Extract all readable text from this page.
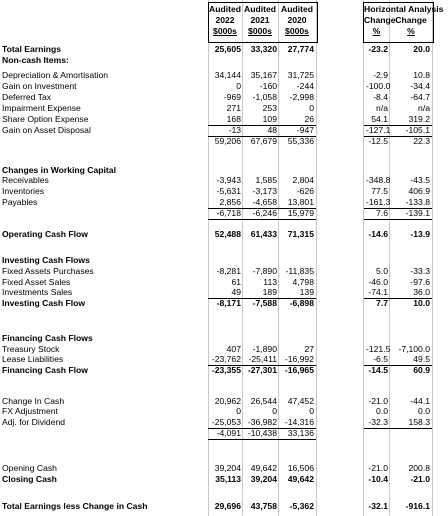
Audited Audited Audited
2022	2021	2020
$000s	$000s	$000s
Horizontal Analysis
Change Change
%	%
Total Earnings	25,605	33,320	27,774	-23.2	20.0
Non-cash Items:
Depreciation & Amortisation	34,144	35,167	31,725	-2.9	10.8
Gain on Investment	0	-160	-244	-100.0	-34.4
Deferred Tax	-969	-1,058	-2,998	-8.4	-64.7
Impairment Expense	271	253	0	n/a	n/a
Share Option Expense	168	109	26	54.1	319.2
Gain on Asset Disposal	-13	48	-947	-127.1	-105.1
59,206	67,679	55,336	-12.5	22.3
Changes in Working Capital
Receivables	-3,943	1,585	2,804	-348.8	-43.5
Inventories	-5,631	-3,173	-626	77.5	406.9
Payables	2,856	-4,658	13,801	-161.3	-133.8
-6,718	-6,246	15,979	7.6	-139.1
Operating Cash Flow	52,488	61,433	71,315	-14.6	-13.9
Investing Cash Flows
Fixed Assets Purchases	-8,281	-7,890 -11,835	5.0	-33.3
Fixed Asset Sales	61	113	4,798	-46.0	-97.6
Investments Sales	49	189	139	-74.1	36.0
Investing Cash Flow	-8,171	-7,588	-6,898	7.7	10.0
Financing Cash Flows
Treasury Stock	407	-1,890	27	-121.5 -7,100.0
Lease Liabilities	-23,762 -25,411 -16,992	-6.5	49.5
Financing Cash Flow	-23,355 -27,301 -16,965	-14.5	60.9
Change In Cash	20,962	26,544	47,452	-21.0	-44.1
FX Adjustment	0	0	0	0.0	0.0
Adj. for Dividend	-25,053 -36,982 -14,316	-32.3	158.3
-4,091 -10,438	33,136
Opening Cash	39,204	49,642	16,506	-21.0	200.8
Closing Cash	35,113	39,204	49,642	-10.4	-21.0
Total Earnings less Change in Cash	29,696	43,758	-5,362	-32.1	-916.1
